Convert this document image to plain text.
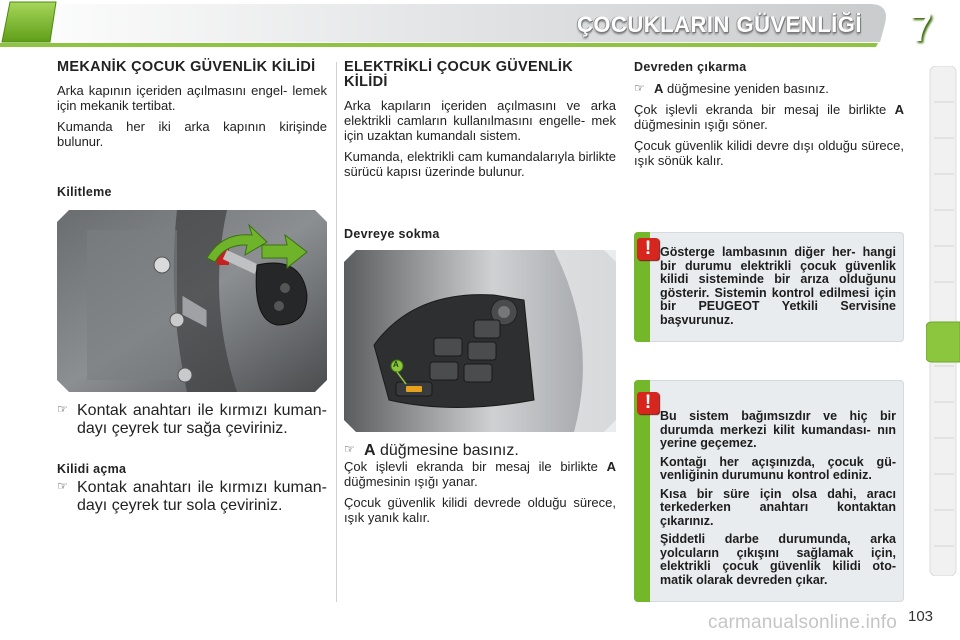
ÇOCUKLARIN GÜVENLİĞİ 7
MEKANİK ÇOCUK GÜVENLİK KİLİDİ

Arka kapının içeriden açılmasını engel- lemek için mekanik tertibat.

Kumanda her iki arka kapının kirişinde bulunur.

Kilitleme
☞ Kontak anahtarı ile kırmızı kuman- dayı çeyrek tur sağa çeviriniz.
Kilidi açma
☞ Kontak anahtarı ile kırmızı kuman- dayı çeyrek tur sola çeviriniz.
ELEKTRİKLİ ÇOCUK GÜVENLİK KİLİDİ

Arka kapıların içeriden açılmasını ve arka elektrikli camların kullanılmasını engelle- mek için uzaktan kumandalı sistem.

Kumanda, elektrikli cam kumandalarıyla birlikte sürücü kapısı üzerinde bulunur.

Devreye sokma
A
☞ A düğmesine basınız.

Çok işlevli ekranda bir mesaj ile birlikte A düğmesinin ışığı yanar.

Çocuk güvenlik kilidi devrede olduğu sürece, ışık yanık kalır.

Devreden çıkarma
☞ A düğmesine yeniden basınız.

Çok işlevli ekranda bir mesaj ile birlikte A düğmesinin ışığı söner.

Çocuk güvenlik kilidi devre dışı olduğu sürece, ışık sönük kalır.

! Gösterge lambasının diğer her- hangi bir durumu elektrikli çocuk güvenlik kilidi sisteminde bir arıza olduğunu gösterir. Sistemin kontrol edilmesi için bir PEUGEOT Yetkili Servisine başvurunuz.
!

Bu sistem bağımsızdır ve hiç bir durumda merkezi kilit kumandası- nın yerine geçemez.

Kontağı her açışınızda, çocuk gü- venliğinin durumunu kontrol ediniz.

Kısa bir süre için olsa dahi, aracı terkederken anahtarı kontaktan çıkarınız.

Şiddetli darbe durumunda, arka yolcuların çıkışını sağlamak için, elektrikli çocuk güvenlik kilidi oto- matik olarak devreden çıkar.

carmanualsonline.info 103
